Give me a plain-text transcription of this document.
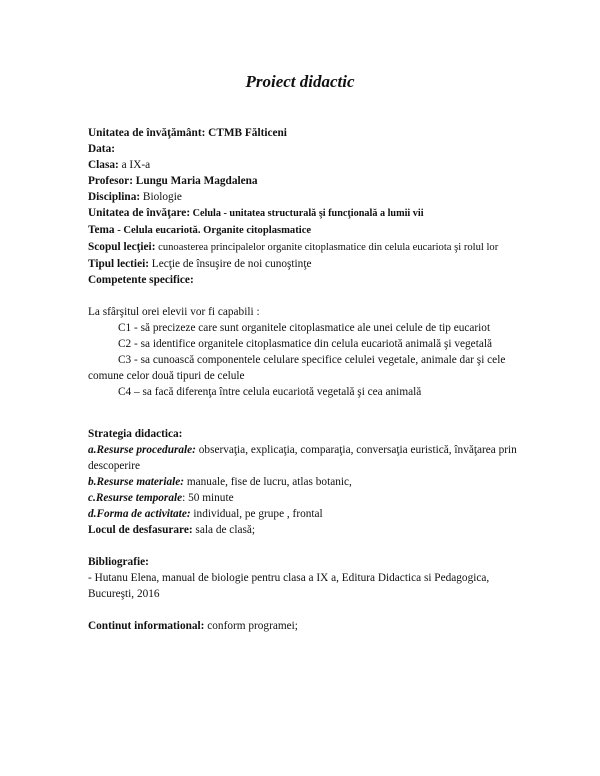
Proiect didactic
Unitatea de învăţământ: CTMB Fălticeni
Data:
Clasa: a IX-a
Profesor: Lungu Maria Magdalena
Disciplina: Biologie
Unitatea de învăţare: Celula - unitatea structurală şi funcţională a lumii vii
Tema - Celula eucariotă. Organite citoplasmatice
Scopul lecţiei: cunoasterea principalelor organite citoplasmatice din celula eucariota şi rolul lor
Tipul lectiei: Lecţie de însuşire de noi cunoştinţe
Competente specifice:
La sfârşitul orei elevii vor fi capabili :
C1 - să precizeze care sunt organitele citoplasmatice ale unei celule de tip eucariot
C2 - sa identifice organitele citoplasmatice din celula eucariotă animală şi vegetală
C3 - sa cunoască componentele celulare specifice celulei vegetale, animale dar şi cele
comune celor două tipuri de celule
C4 – sa facă diferenţa între celula eucariotă vegetală şi cea animală
Strategia didactica:
a.Resurse procedurale: observaţia, explicaţia, comparaţia, conversaţia euristică, învăţarea prin
descoperire
b.Resurse materiale: manuale, fise de lucru, atlas botanic,
c.Resurse temporale: 50 minute
d.Forma de activitate: individual, pe grupe , frontal
Locul de desfasurare: sala de clasă;
Bibliografie:
- Hutanu Elena, manual de biologie pentru clasa a IX a, Editura Didactica si Pedagogica,
Bucureşti, 2016
Continut informational: conform programei;
